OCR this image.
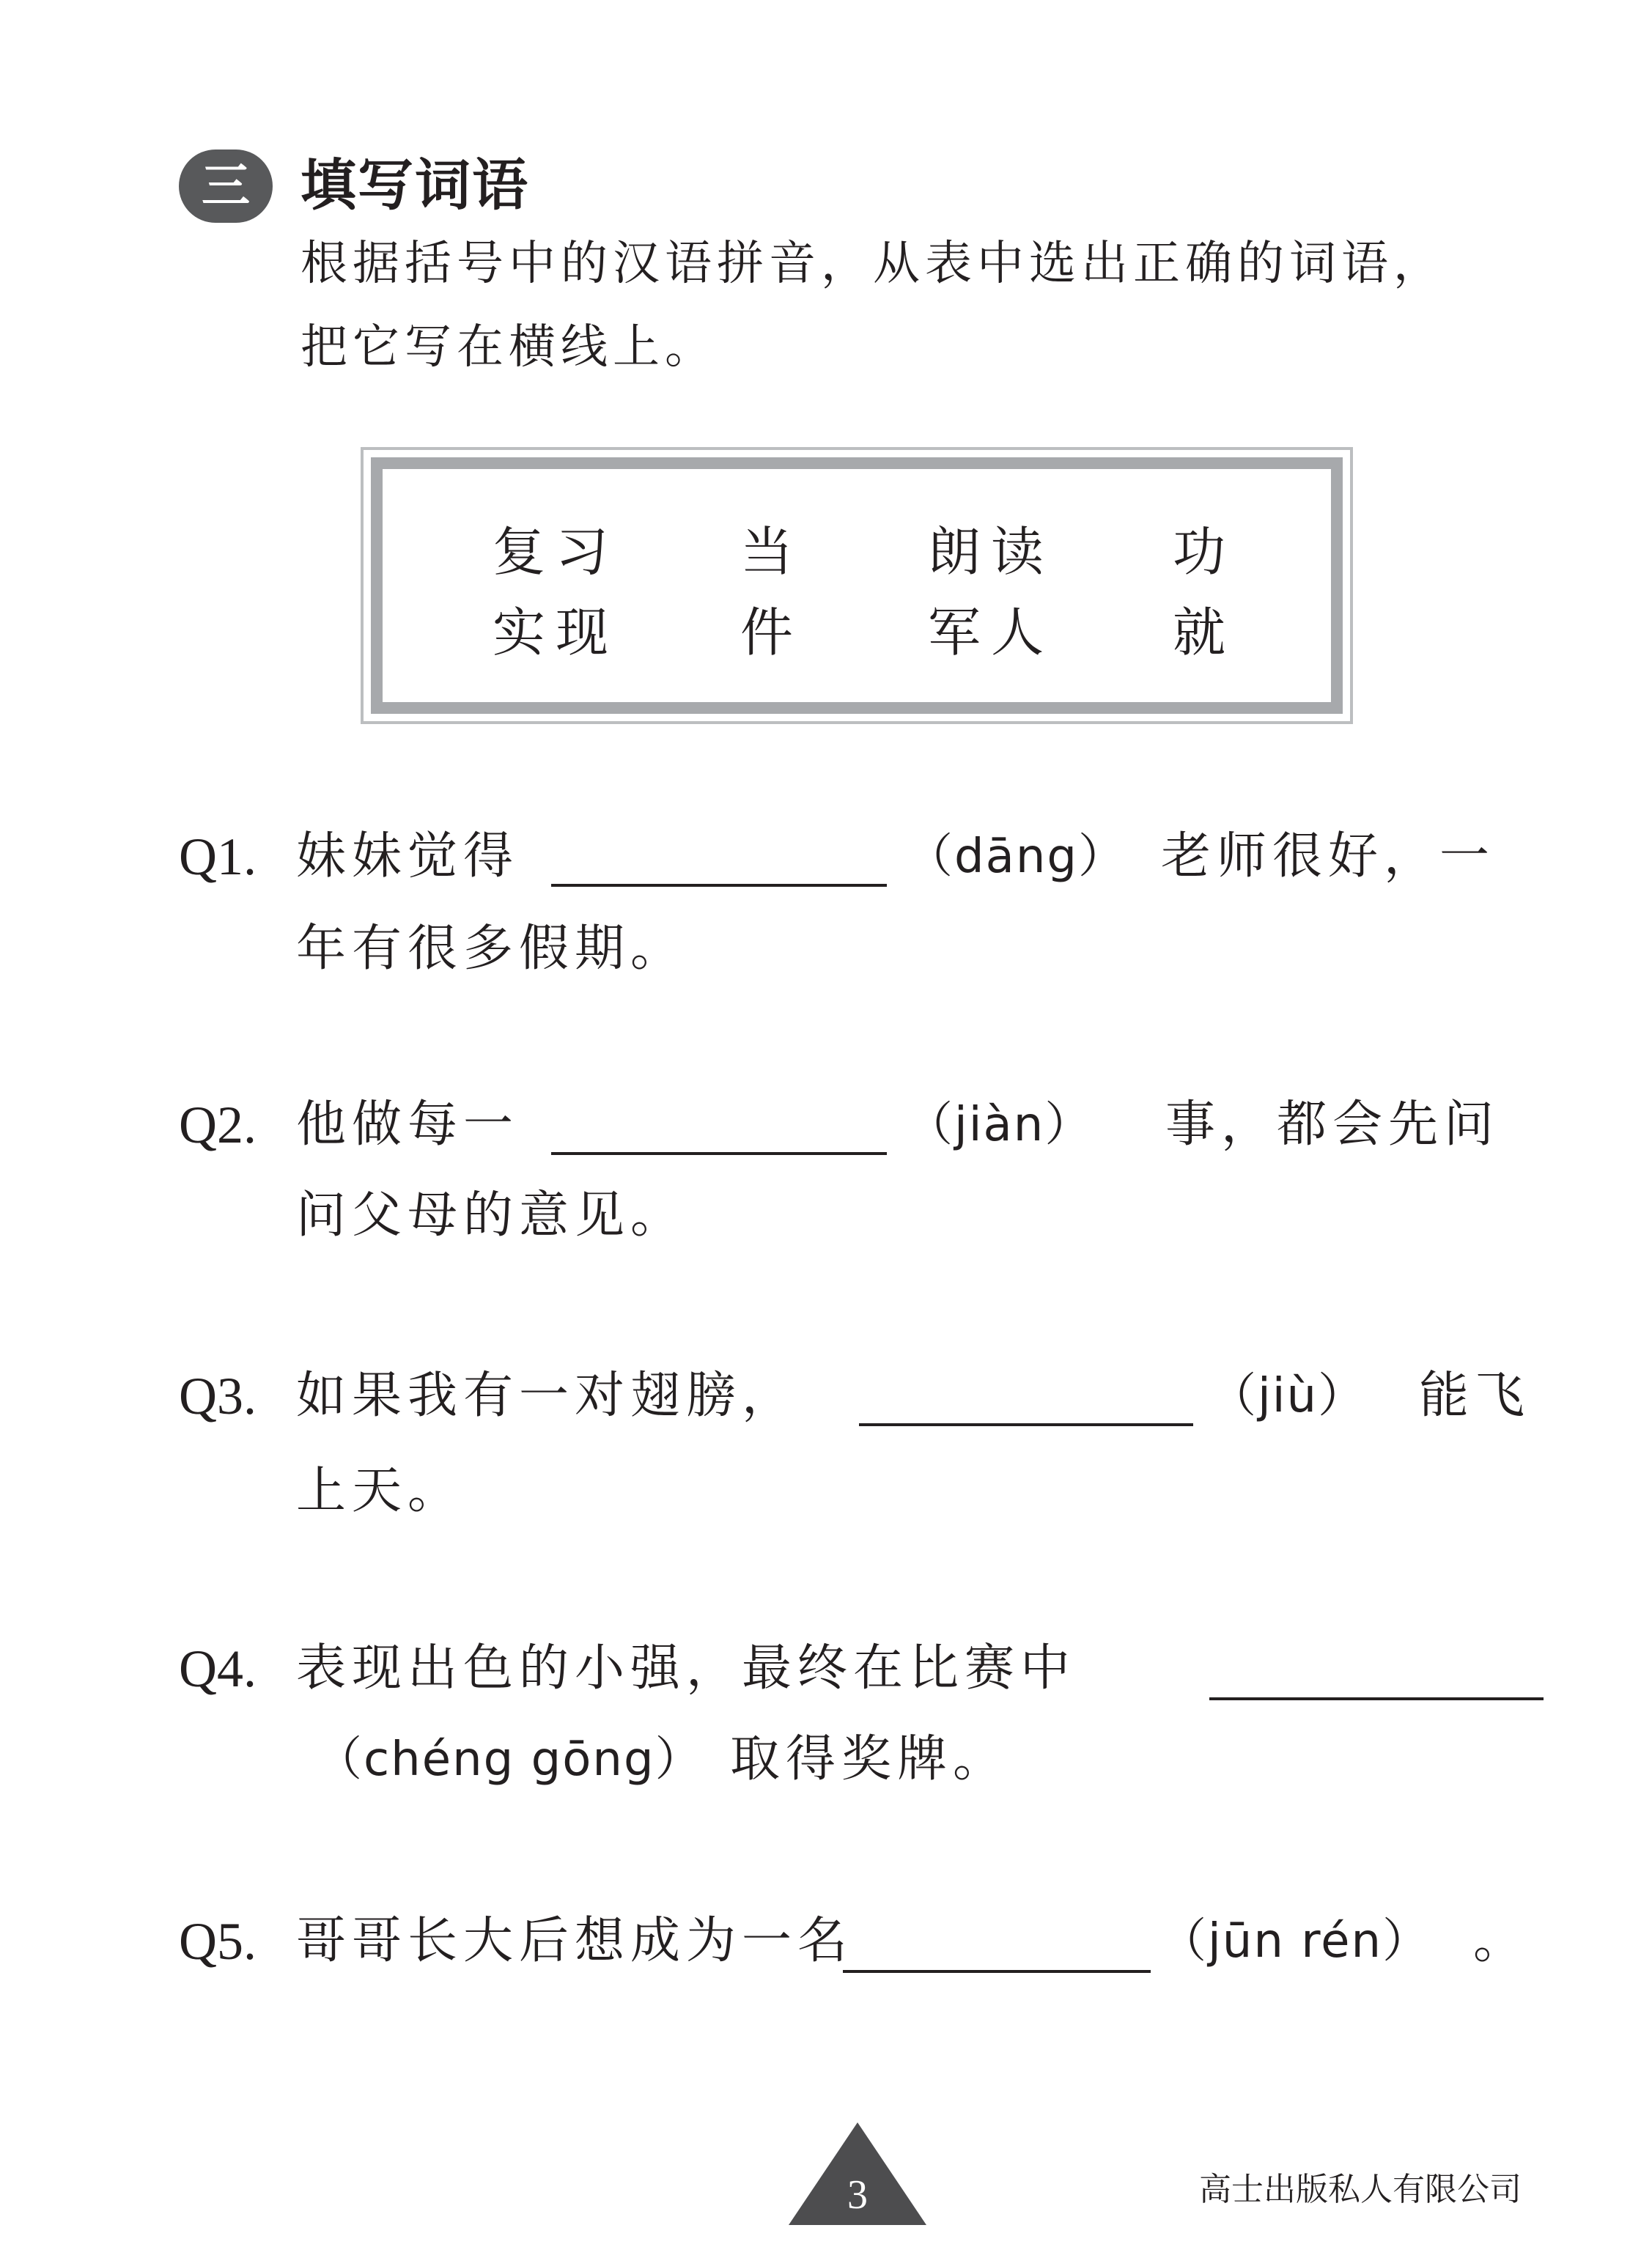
三 填写词语
根据括号中的汉语拼音，从表中选出正确的词语，
把它写在横线上。
复习 当 朗读 功
实现 件 军人 就
Q1. 妹妹觉得	（dāng） 老师很好，一
年有很多假期。
Q2. 他做每一	（jiàn） 事，都会先问
问父母的意见。
Q3. 如果我有一对翅膀，	（jiù） 能飞
上天。
Q4. 表现出色的小强，最终在比赛中
（chéng gōng） 取得奖牌。
Q5. 哥哥长大后想成为一名	（jūn rén） 。
3	高士出版私人有限公司
